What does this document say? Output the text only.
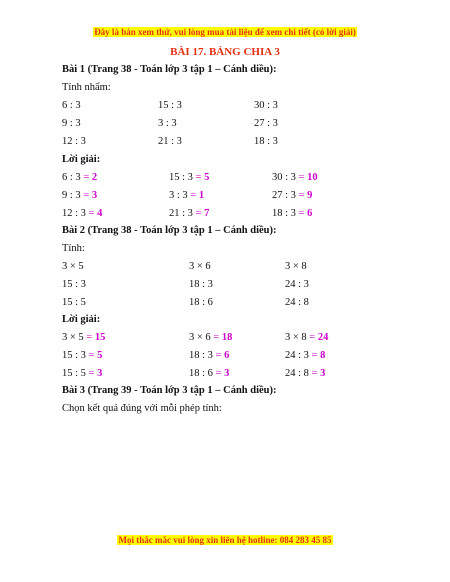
Đây là bản xem thử, vui lòng mua tài liệu để xem chi tiết (có lời giải)
BÀI 17. BẢNG CHIA 3
Bài 1 (Trang 38 - Toán lớp 3 tập 1 – Cánh diều):
Tính nhẩm:
6 : 3	15 : 3	30 : 3
9 : 3	3 : 3	27 : 3
12 : 3	21 : 3	18 : 3
Lời giải:
6 : 3 = 2	15 : 3 = 5	30 : 3 = 10
9 : 3 = 3	3 : 3 = 1	27 : 3 = 9
12 : 3 = 4	21 : 3 = 7	18 : 3 = 6
Bài 2 (Trang 38 - Toán lớp 3 tập 1 – Cánh diều):
Tính:
3 × 5	3 × 6	3 × 8
15 : 3	18 : 3	24 : 3
15 : 5	18 : 6	24 : 8
Lời giải:
3 × 5 = 15	3 × 6 = 18	3 × 8 = 24
15 : 3 = 5	18 : 3 = 6	24 : 3 = 8
15 : 5 = 3	18 : 6 = 3	24 : 8 = 3
Bài 3 (Trang 39 - Toán lớp 3 tập 1 – Cánh diều):
Chọn kết quả đúng với mỗi phép tính:
Mọi thắc mắc vui lòng xin liên hệ hotline: 084 283 45 85
